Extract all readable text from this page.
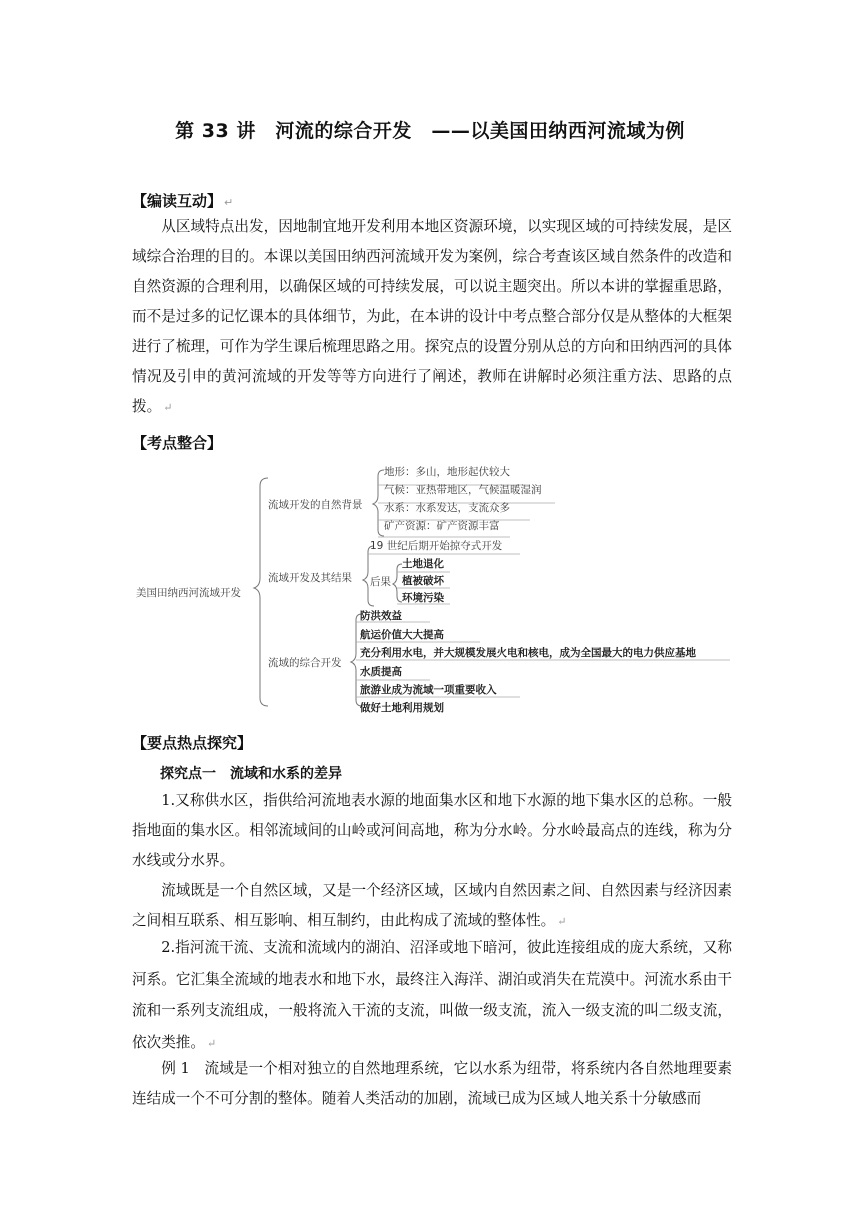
第 33 讲　河流的综合开发　——以美国田纳西河流域为例
【编读互动】 ↵
从区域特点出发，因地制宜地开发利用本地区资源环境，以实现区域的可持续发展，是区域综合治理的目的。本课以美国田纳西河流域开发为案例，综合考查该区域自然条件的改造和自然资源的合理利用，以确保区域的可持续发展，可以说主题突出。所以本讲的掌握重思路，而不是过多的记忆课本的具体细节，为此，在本讲的设计中考点整合部分仅是从整体的大框架进行了梳理，可作为学生课后梳理思路之用。探究点的设置分别从总的方向和田纳西河的具体情况及引申的黄河流域的开发等等方向进行了阐述，教师在讲解时必须注重方法、思路的点拨。 ↵
【考点整合】
美国田纳西河流域开发
流域开发的自然背景
地形：多山，地形起伏较大
气候：亚热带地区，气候温暖湿润
水系：水系发达，支流众多
矿产资源：矿产资源丰富
流域开发及其结果
19 世纪后期开始掠夺式开发
后果
土地退化
植被破坏
环境污染
流域的综合开发
防洪效益
航运价值大大提高
充分利用水电，并大规模发展火电和核电，成为全国最大的电力供应基地
水质提高
旅游业成为流域一项重要收入
做好土地利用规划
【要点热点探究】
探究点一　流域和水系的差异
1.又称供水区，指供给河流地表水源的地面集水区和地下水源的地下集水区的总称。一般指地面的集水区。相邻流域间的山岭或河间高地，称为分水岭。分水岭最高点的连线，称为分水线或分水界。
流域既是一个自然区域，又是一个经济区域，区域内自然因素之间、自然因素与经济因素之间相互联系、相互影响、相互制约，由此构成了流域的整体性。 ↵
2.指河流干流、支流和流域内的湖泊、沼泽或地下暗河，彼此连接组成的庞大系统，又称河系。它汇集全流域的地表水和地下水，最终注入海洋、湖泊或消失在荒漠中。河流水系由干流和一系列支流组成，一般将流入干流的支流，叫做一级支流，流入一级支流的叫二级支流，依次类推。 ↵
例 1　 流域是一个相对独立的自然地理系统，它以水系为纽带，将系统内各自然地理要素连结成一个不可分割的整体。随着人类活动的加剧，流域已成为区域人地关系十分敏感而
